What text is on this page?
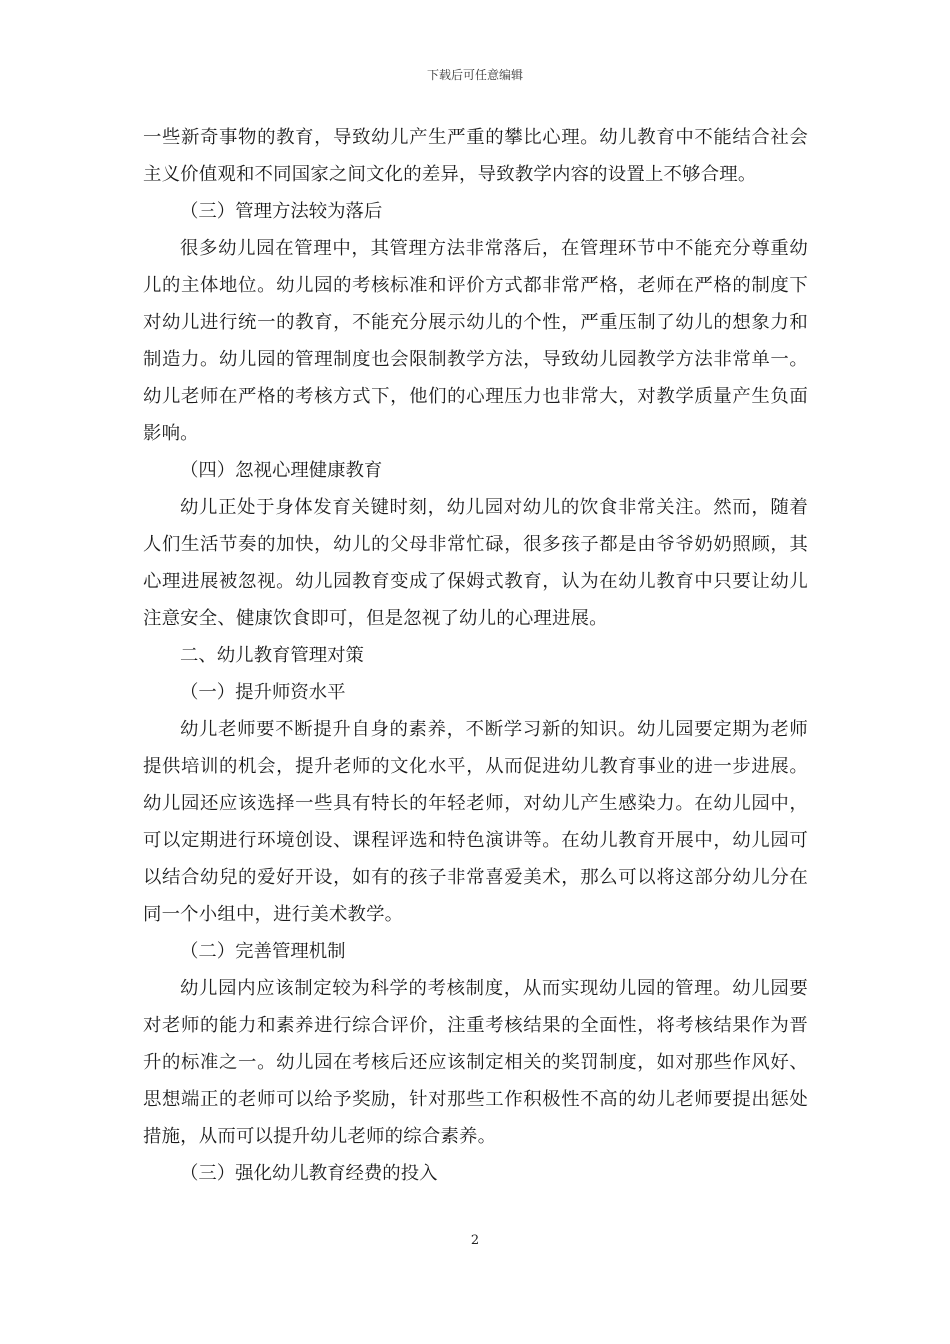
下载后可任意编辑

一些新奇事物的教育，导致幼儿产生严重的攀比心理。幼儿教育中不能结合社会主义价值观和不同国家之间文化的差异，导致教学内容的设置上不够合理。

（三）管理方法较为落后

很多幼儿园在管理中，其管理方法非常落后，在管理环节中不能充分尊重幼儿的主体地位。幼儿园的考核标准和评价方式都非常严格，老师在严格的制度下对幼儿进行统一的教育，不能充分展示幼儿的个性，严重压制了幼儿的想象力和制造力。幼儿园的管理制度也会限制教学方法，导致幼儿园教学方法非常单一。幼儿老师在严格的考核方式下，他们的心理压力也非常大，对教学质量产生负面影响。

（四）忽视心理健康教育

幼儿正处于身体发育关键时刻，幼儿园对幼儿的饮食非常关注。然而，随着人们生活节奏的加快，幼儿的父母非常忙碌，很多孩子都是由爷爷奶奶照顾，其心理进展被忽视。幼儿园教育变成了保姆式教育，认为在幼儿教育中只要让幼儿注意安全、健康饮食即可，但是忽视了幼儿的心理进展。

二、幼儿教育管理对策

（一）提升师资水平

幼儿老师要不断提升自身的素养，不断学习新的知识。幼儿园要定期为老师提供培训的机会，提升老师的文化水平，从而促进幼儿教育事业的进一步进展。幼儿园还应该选择一些具有特长的年轻老师，对幼儿产生感染力。在幼儿园中，可以定期进行环境创设、课程评选和特色演讲等。在幼儿教育开展中，幼儿园可以结合幼兒的爱好开设，如有的孩子非常喜爱美术，那么可以将这部分幼儿分在同一个小组中，进行美术教学。

（二）完善管理机制

幼儿园内应该制定较为科学的考核制度，从而实现幼儿园的管理。幼儿园要对老师的能力和素养进行综合评价，注重考核结果的全面性，将考核结果作为晋升的标准之一。幼儿园在考核后还应该制定相关的奖罚制度，如对那些作风好、思想端正的老师可以给予奖励，针对那些工作积极性不高的幼儿老师要提出惩处措施，从而可以提升幼儿老师的综合素养。

（三）强化幼儿教育经费的投入

2
